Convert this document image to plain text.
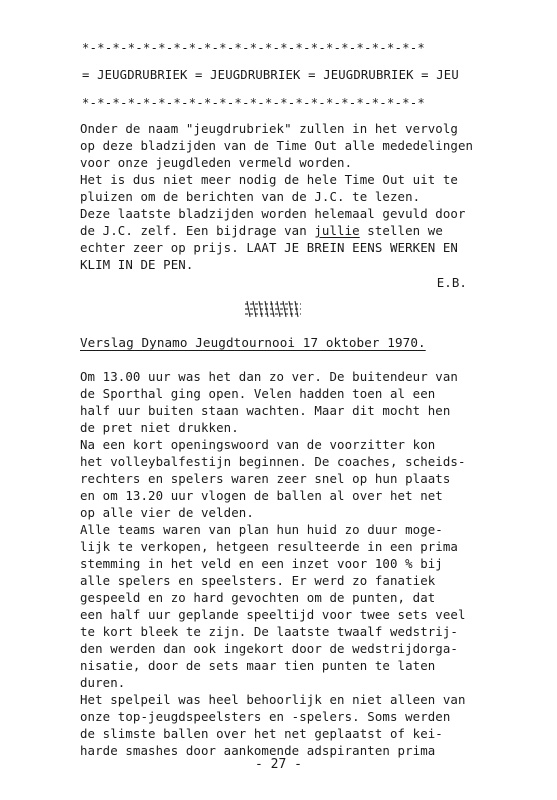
*-*-*-*-*-*-*-*-*-*-*-*-*-*-*-*-*-*-*-*-*-*-*
= JEUGDRUBRIEK = JEUGDRUBRIEK = JEUGDRUBRIEK = JEU
*-*-*-*-*-*-*-*-*-*-*-*-*-*-*-*-*-*-*-*-*-*-*
Onder de naam "jeugdrubriek" zullen in het vervolg
op deze bladzijden van de Time Out alle mededelingen
voor onze jeugdleden vermeld worden.
Het is dus niet meer nodig de hele Time Out uit te
pluizen om de berichten van de J.C. te lezen.
Deze laatste bladzijden worden helemaal gevuld door
de J.C. zelf. Een bijdrage van jullie stellen we
echter zeer op prijs. LAAT JE BREIN EENS WERKEN EN
KLIM IN DE PEN.
E.B.
Verslag Dynamo Jeugdtournooi 17 oktober 1970.
Om 13.00 uur was het dan zo ver. De buitendeur van
de Sporthal ging open. Velen hadden toen al een
half uur buiten staan wachten. Maar dit mocht hen
de pret niet drukken.
Na een kort openingswoord van de voorzitter kon
het volleybalfestijn beginnen. De coaches, scheids-
rechters en spelers waren zeer snel op hun plaats
en om 13.20 uur vlogen de ballen al over het net
op alle vier de velden.
Alle teams waren van plan hun huid zo duur moge-
lijk te verkopen, hetgeen resulteerde in een prima
stemming in het veld en een inzet voor 100 % bij
alle spelers en speelsters. Er werd zo fanatiek
gespeeld en zo hard gevochten om de punten, dat
een half uur geplande speeltijd voor twee sets veel
te kort bleek te zijn. De laatste twaalf wedstrij-
den werden dan ook ingekort door de wedstrijdorga-
nisatie, door de sets maar tien punten te laten
duren.
Het spelpeil was heel behoorlijk en niet alleen van
onze top-jeugdspeelsters en -spelers. Soms werden
de slimste ballen over het net geplaatst of kei-
harde smashes door aankomende adspiranten prima
- 27 -
